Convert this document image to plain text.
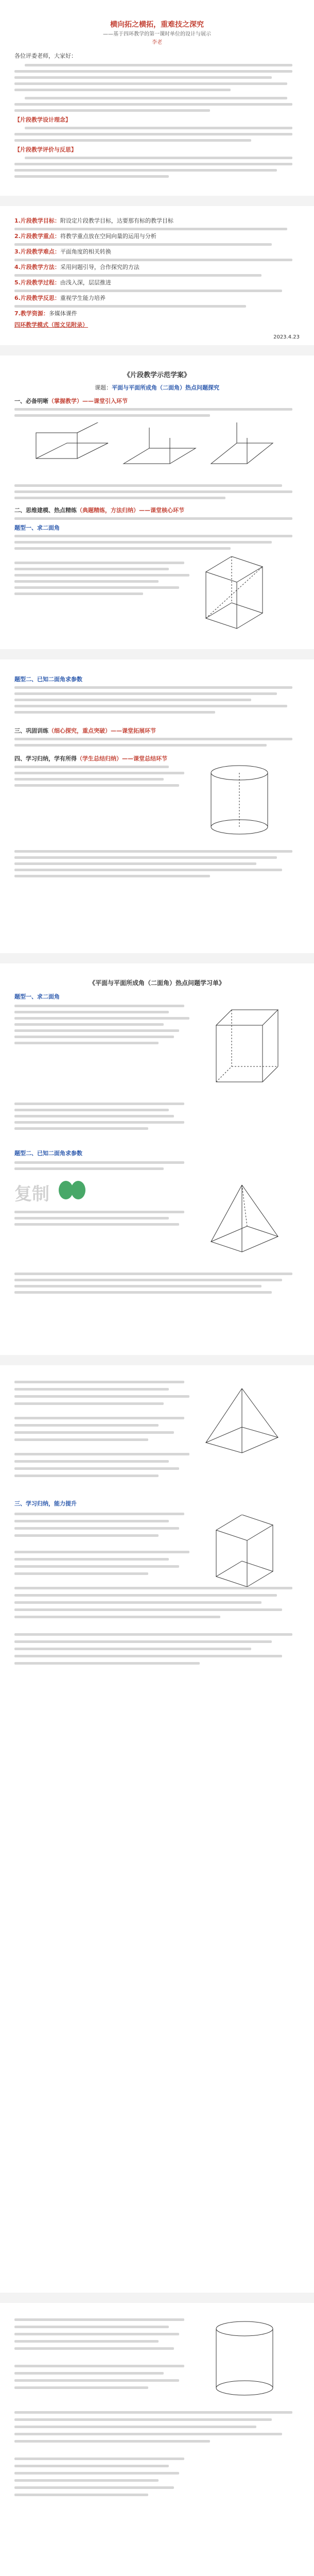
横向拓之横拓，重难技之深究
——基于四环教学的第一课时单位的设计与展示
李老
各位评委老师，大家好：
【片段教学设计理念】
【片段教学评价与反思】
1.片段教学目标：附设定片段教学目标，达要那有标的教学目标
2.片段教学重点：将教学重点放在空间向量的运用与分析
3.片段教学难点：平面角度的相关转换
4.片段教学方法：采用问题引导，合作探究的方法
5.片段教学过程：由浅入深，层层推进
6.片段教学反思：重视学生能力培养
7.教学资源：多媒体课件
四环教学模式（图文见附录）
2023.4.23
《片段教学示范学案》
课题：平面与平面所成角（二面角）热点问题探究
一、必备明晰（掌握教学）——课堂引入环节
二、思维建模、热点精练（典题精练，方法归纳）——课堂核心环节
题型一、求二面角
题型二、已知二面角求参数
三、巩固训练（细心探究，重点突破）——课堂拓展环节
四、学习归纳，学有所得（学生总结归纳）——课堂总结环节
《平面与平面所成角（二面角）热点问题学习单》
题型一、求二面角
题型二、已知二面角求参数
复制
三、学习归纳，能力提升
